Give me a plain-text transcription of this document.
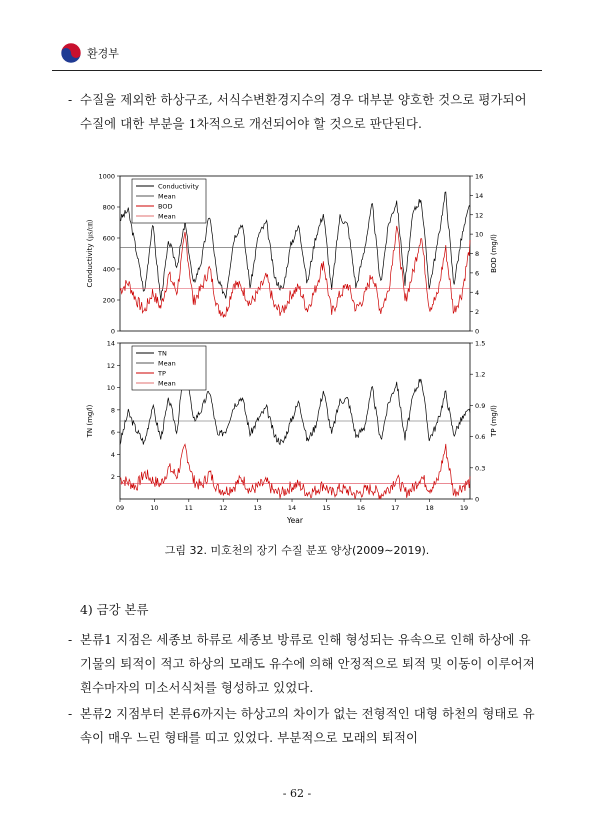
환경부
- 수질을 제외한 하상구조, 서식수변환경지수의 경우 대부분 양호한 것으로 평가되어 수질에 대한 부분을 1차적으로 개선되어야 할 것으로 판단된다.
0
200
400
600
800
1000
0
2
4
6
8
10
12
14
16
Conductivity (㎲/㎝)	BOD (mg/l)
Conductivity
Mean
BOD
Mean
2
4
6
8
10
12
14
0
0.3
0.6
0.9
1.2
1.5
TN (mg/l)	TP (mg/l)
TN
Mean
TP
Mean
09	10	11	12	13	14	15	16	17	18	19
Year
그림 32. 미호천의 장기 수질 분포 양상(2009∼2019).
4) 금강 본류
- 본류1 지점은 세종보 하류로 세종보 방류로 인해 형성되는 유속으로 인해 하상에 유기물의 퇴적이 적고 하상의 모래도 유수에 의해 안정적으로 퇴적 및 이동이 이루어져 흰수마자의 미소서식처를 형성하고 있었다.
- 본류2 지점부터 본류6까지는 하상고의 차이가 없는 전형적인 대형 하천의 형태로 유속이 매우 느린 형태를 띠고 있었다. 부분적으로 모래의 퇴적이
- 62 -
